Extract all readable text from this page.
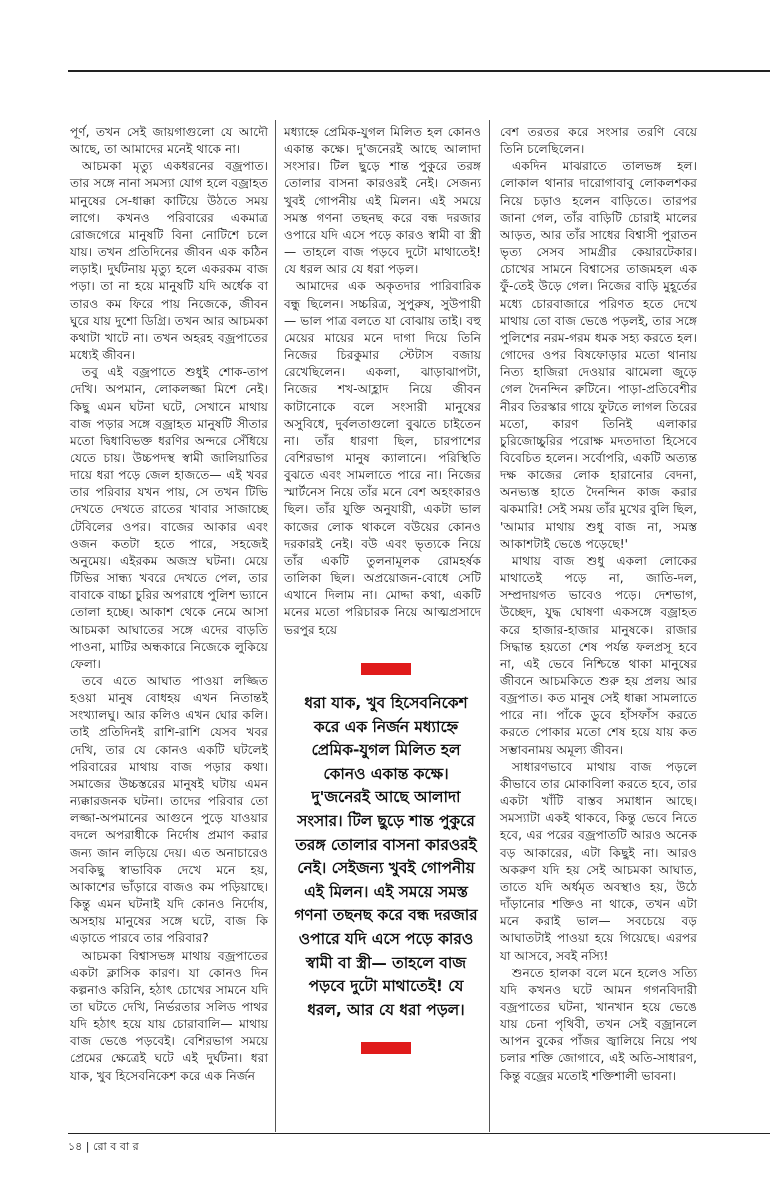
পূর্ণ, তখন সেই জায়গাগুলো যে আদৌ আছে, তা আমাদের মনেই থাকে না।

আচমকা মৃত্যু একধরনের বজ্রপাত। তার সঙ্গে নানা সমস্যা যোগ হলে বজ্রাহত মানুষের সে-ধাক্কা কাটিয়ে উঠতে সময় লাগে। কখনও পরিবারের একমাত্র রোজগেরে মানুষটি বিনা নোটিশে চলে যায়। তখন প্রতিদিনের জীবন এক কঠিন লড়াই। দুর্ঘটনায় মৃত্যু হলে একরকম বাজ পড়া। তা না হয়ে মানুষটি যদি অর্ধেক বা তারও কম ফিরে পায় নিজেকে, জীবন ঘুরে যায় দুশো ডিগ্রি। তখন আর আচমকা কথাটা খাটে না। তখন অহরহ বজ্রপাতের মধ্যেই জীবন।

তবু এই বজ্রপাতে শুধুই শোক-তাপ দেখি। অপমান, লোকলজ্জা মিশে নেই। কিছু এমন ঘটনা ঘটে, সেখানে মাথায় বাজ পড়ার সঙ্গে বজ্রাহত মানুষটি সীতার মতো দ্বিধাবিভক্ত ধরণির অন্দরে সেঁধিয়ে যেতে চায়। উচ্চপদস্থ স্বামী জালিয়াতির দায়ে ধরা পড়ে জেল হাজতে— এই খবর তার পরিবার যখন পায়, সে তখন টিভি দেখতে দেখতে রাতের খাবার সাজাচ্ছে টেবিলের ওপর। বাজের আকার এবং ওজন কতটা হতে পারে, সহজেই অনুমেয়। এইরকম অজস্র ঘটনা। মেয়ে টিভির সান্ধ্য খবরে দেখতে পেল, তার বাবাকে বাচ্চা চুরির অপরাধে পুলিশ ভ্যানে তোলা হচ্ছে। আকাশ থেকে নেমে আসা আচমকা আঘাতের সঙ্গে এদের বাড়তি পাওনা, মাটির অন্ধকারে নিজেকে লুকিয়ে ফেলা।

তবে এতে আঘাত পাওয়া লজ্জিত হওয়া মানুষ বোধহয় এখন নিতান্তই সংখ্যালঘু। আর কলিও এখন ঘোর কলি। তাই প্রতিদিনই রাশি-রাশি যেসব খবর দেখি, তার যে কোনও একটি ঘটলেই পরিবারের মাথায় বাজ পড়ার কথা। সমাজের উচ্চস্তরের মানুষই ঘটায় এমন ন্যক্কারজনক ঘটনা। তাদের পরিবার তো লজ্জা-অপমানের আগুনে পুড়ে যাওয়ার বদলে অপরাধীকে নির্দোষ প্রমাণ করার জন্য জান লড়িয়ে দেয়। এত অনাচারেও সবকিছু স্বাভাবিক দেখে মনে হয়, আকাশের ভাঁড়ারে বাজও কম পড়িয়াছে। কিন্তু এমন ঘটনাই যদি কোনও নির্দোষ, অসহায় মানুষের সঙ্গে ঘটে, বাজ কি এড়াতে পারবে তার পরিবার?

আচমকা বিশ্বাসভঙ্গ মাথায় বজ্রপাতের একটা ক্লাসিক কারণ। যা কোনও দিন কল্পনাও করিনি, হঠাৎ চোখের সামনে যদি তা ঘটতে দেখি, নির্ভরতার সলিড পাথর যদি হঠাৎ হয়ে যায় চোরাবালি— মাথায় বাজ ভেঙে পড়বেই। বেশিরভাগ সময়ে প্রেমের ক্ষেত্রেই ঘটে এই দুর্ঘটনা। ধরা যাক, খুব হিসেবনিকেশ করে এক নির্জন

মধ্যাহ্নে প্রেমিক-যুগল মিলিত হল কোনও একান্ত কক্ষে। দু'জনেরই আছে আলাদা সংসার। টিল ছুড়ে শান্ত পুকুরে তরঙ্গ তোলার বাসনা কারওরই নেই। সেজন্য খুবই গোপনীয় এই মিলন। এই সময়ে সমস্ত গণনা তছনছ করে বন্ধ দরজার ওপারে যদি এসে পড়ে কারও স্বামী বা স্ত্রী— তাহলে বাজ পড়বে দুটো মাথাতেই! যে ধরল আর যে ধরা পড়ল।

আমাদের এক অকৃতদার পারিবারিক বন্ধু ছিলেন। সচ্চরিত্র, সুপুরুষ, সুউপায়ী— ভাল পাত্র বলতে যা বোঝায় তাই। বহু মেয়ের মায়ের মনে দাগা দিয়ে তিনি নিজের চিরকুমার স্টেটাস বজায় রেখেছিলেন। একলা, ঝাড়াঝাপটা, নিজের শখ-আহ্লাদ নিয়ে জীবন কাটানোকে বলে সংসারী মানুষের অসুবিধে, দুর্বলতাগুলো বুঝতে চাইতেন না। তাঁর ধারণা ছিল, চারপাশের বেশিরভাগ মানুষ ক্যালানে। পরিস্থিতি বুঝতে এবং সামলাতে পারে না। নিজের স্মার্টনেস নিয়ে তাঁর মনে বেশ অহংকারও ছিল। তাঁর যুক্তি অনুযায়ী, একটা ভাল কাজের লোক থাকলে বউয়ের কোনও দরকারই নেই। বউ এবং ভৃত্যকে নিয়ে তাঁর একটি তুলনামূলক রোমহর্ষক তালিকা ছিল। অপ্রয়োজন-বোধে সেটি এখানে দিলাম না। মোদ্দা কথা, একটি মনের মতো পরিচারক নিয়ে আত্মপ্রসাদে ভরপুর হয়ে

বেশ তরতর করে সংসার তরণি বেয়ে তিনি চলেছিলেন।

একদিন মাঝরাতে তালভঙ্গ হল। লোকাল থানার দারোগাবাবু লোকলশকর নিয়ে চড়াও হলেন বাড়িতে। তারপর জানা গেল, তাঁর বাড়িটি চোরাই মালের আড়ত, আর তাঁর সাধের বিশ্বাসী পুরাতন ভৃত্য সেসব সামগ্রীর কেয়ারটেকার। চোখের সামনে বিশ্বাসের তাজমহল এক ফুঁ-তেই উড়ে গেল। নিজের বাড়ি মুহূর্তের মধ্যে চোরবাজারে পরিণত হতে দেখে মাথায় তো বাজ ভেঙে পড়লই, তার সঙ্গে পুলিশের নরম-গরম ধমক সহ্য করতে হল। গোদের ওপর বিষফোড়ার মতো থানায় নিত্য হাজিরা দেওয়ার ঝামেলা জুড়ে গেল দৈনন্দিন রুটিনে। পাড়া-প্রতিবেশীর নীরব তিরস্কার গায়ে ফুটতে লাগল তিরের মতো, কারণ তিনিই এলাকার চুরিজোচ্চুরির পরোক্ষ মদতদাতা হিসেবে বিবেচিত হলেন। সর্বোপরি, একটি অত্যন্ত দক্ষ কাজের লোক হারানোর বেদনা, অনভ্যস্ত হাতে দৈনন্দিন কাজ করার ঝকমারি! সেই সময় তাঁর মুখের বুলি ছিল, 'আমার মাথায় শুধু বাজ না, সমস্ত আকাশটাই ভেঙে পড়েছে!'

মাথায় বাজ শুধু একলা লোকের মাথাতেই পড়ে না, জাতি-দল, সম্প্রদায়গত ভাবেও পড়ে। দেশভাগ, উচ্ছেদ, যুদ্ধ ঘোষণা একসঙ্গে বজ্রাহত করে হাজার-হাজার মানুষকে। রাজার সিদ্ধান্ত হয়তো শেষ পর্যন্ত ফলপ্রসূ হবে না, এই ভেবে নিশ্চিন্তে থাকা মানুষের জীবনে আচমকিতে শুরু হয় প্রলয় আর বজ্রপাত। কত মানুষ সেই ধাক্কা সামলাতে পারে না। পাঁকে ডুবে হাঁসফাঁস করতে করতে পোকার মতো শেষ হয়ে যায় কত সম্ভাবনাময় অমূল্য জীবন।

সাধারণভাবে মাথায় বাজ পড়লে কীভাবে তার মোকাবিলা করতে হবে, তার একটা খাঁটি বাস্তব সমাধান আছে। সমস্যাটা একই থাকবে, কিন্তু ভেবে নিতে হবে, এর পরের বজ্রপাতটি আরও অনেক বড় আকারের, এটা কিছুই না। আরও অকরুণ যদি হয় সেই আচমকা আঘাত, তাতে যদি অর্ধমৃত অবস্থাও হয়, উঠে দাঁড়ানোর শক্তিও না থাকে, তখন এটা মনে করাই ভাল— সবচেয়ে বড় আঘাতটাই পাওয়া হয়ে গিয়েছে। এরপর যা আসবে, সবই নস্যি!

শুনতে হালকা বলে মনে হলেও সত্যি যদি কখনও ঘটে আমন গগনবিদারী বজ্রপাতের ঘটনা, খানখান হয়ে ভেঙে যায় চেনা পৃথিবী, তখন সেই বজ্রানলে আপন বুকের পাঁজর জ্বালিয়ে নিয়ে পথ চলার শক্তি জোগাবে, এই অতি-সাধারণ, কিন্তু বজ্রের মতোই শক্তিশালী ভাবনা।

ধরা যাক, খুব হিসেবনিকেশ করে এক নির্জন মধ্যাহ্নে প্রেমিক-যুগল মিলিত হল কোনও একান্ত কক্ষে। দু'জনেরই আছে আলাদা সংসার। টিল ছুড়ে শান্ত পুকুরে তরঙ্গ তোলার বাসনা কারওরই নেই। সেইজন্য খুবই গোপনীয় এই মিলন। এই সময়ে সমস্ত গণনা তছনছ করে বন্ধ দরজার ওপারে যদি এসে পড়ে কারও স্বামী বা স্ত্রী— তাহলে বাজ পড়বে দুটো মাথাতেই! যে ধরল, আর যে ধরা পড়ল।
১৪ | রো ব বা র
